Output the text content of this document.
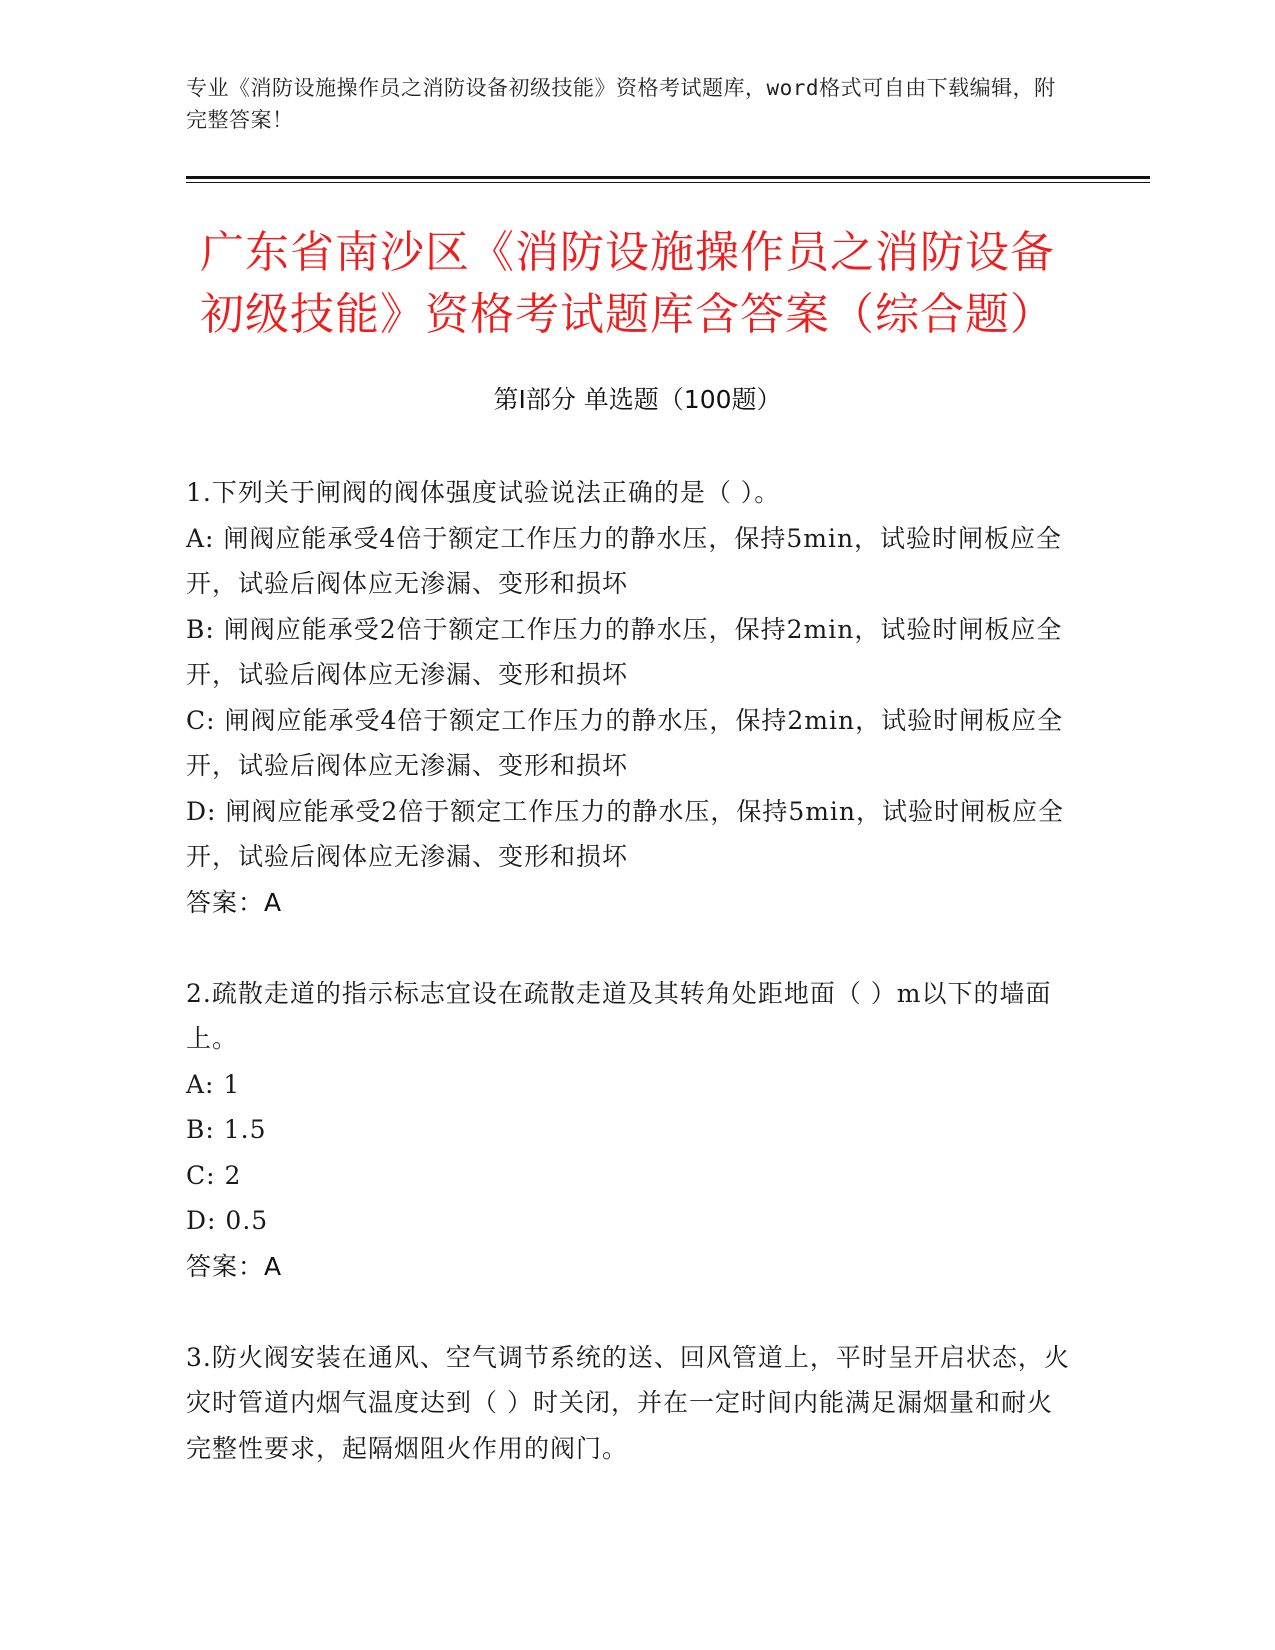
专业《消防设施操作员之消防设备初级技能》资格考试题库，word格式可自由下载编辑，附完整答案！
广东省南沙区《消防设施操作员之消防设备初级技能》资格考试题库含答案（综合题）
第I部分 单选题（100题）

1.下列关于闸阀的阀体强度试验说法正确的是（ ）。

A: 闸阀应能承受4倍于额定工作压力的静水压，保持5min，试验时闸板应全开，试验后阀体应无渗漏、变形和损坏

B: 闸阀应能承受2倍于额定工作压力的静水压，保持2min，试验时闸板应全开，试验后阀体应无渗漏、变形和损坏

C: 闸阀应能承受4倍于额定工作压力的静水压，保持2min，试验时闸板应全开，试验后阀体应无渗漏、变形和损坏

D: 闸阀应能承受2倍于额定工作压力的静水压，保持5min，试验时闸板应全开，试验后阀体应无渗漏、变形和损坏

答案：A

2.疏散走道的指示标志宜设在疏散走道及其转角处距地面（ ）m以下的墙面上。

A: 1

B: 1.5

C: 2

D: 0.5

答案：A

3.防火阀安装在通风、空气调节系统的送、回风管道上，平时呈开启状态，火灾时管道内烟气温度达到（ ）时关闭，并在一定时间内能满足漏烟量和耐火完整性要求，起隔烟阻火作用的阀门。
